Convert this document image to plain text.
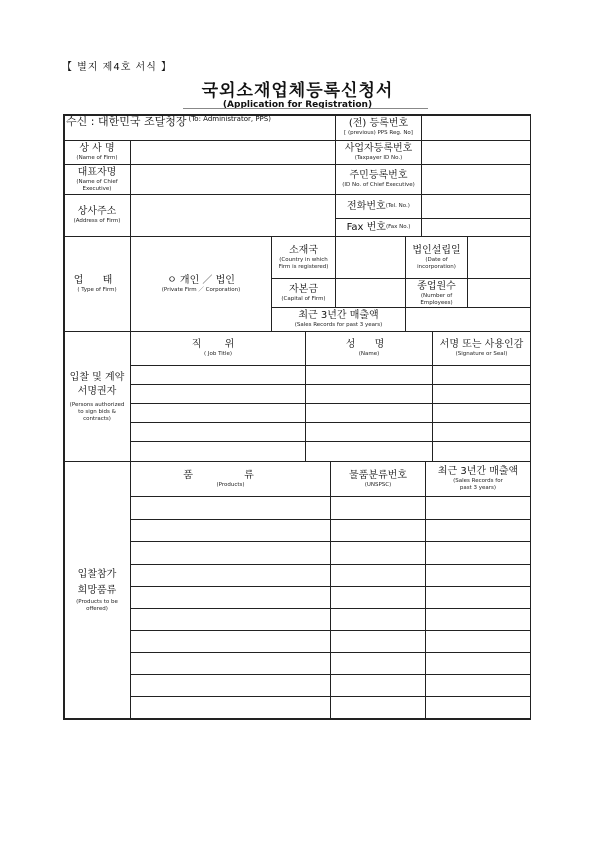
【 별지 제4호 서식 】
국외소재업체등록신청서
(Application for Registration)
수신 : 대한민국 조달청장 (To: Administrator, PPS)	(전) 등록번호
[ (previous) PPS Reg. No]
상 사 명
(Name of Firm)
사업자등록번호
(Taxpayer ID No.)
대표자명
(Name of Chief Executive)
주민등록번호
(ID No. of Chief Executive)
상사주소
(Address of Firm)
전화번호 (Tel. No.)
Fax 번호 (Fax No.)
업 태
( Type of Firm)
ㅇ 개인 ／ 법인
(Private Firm ／ Corporation)
소재국
(Country in which Firm is registered)
법인설립일
(Date of incorporation)
자본금
(Capital of Firm)
종업원수
(Number of Employees)
최근 3년간 매출액
(Sales Records for past 3 years)
입찰 및 계약 서명권자
(Persons authorized to sign bids & contracts)
직 위
( Job Title)
성 명
(Name)
서명 또는 사용인감
(Signature or Seal)
입찰참가 희망품류
(Products to be offered)
품 류
(Products)
물품분류번호
(UNSPSC)
최근 3년간 매출액
(Sales Records for past 3 years)
